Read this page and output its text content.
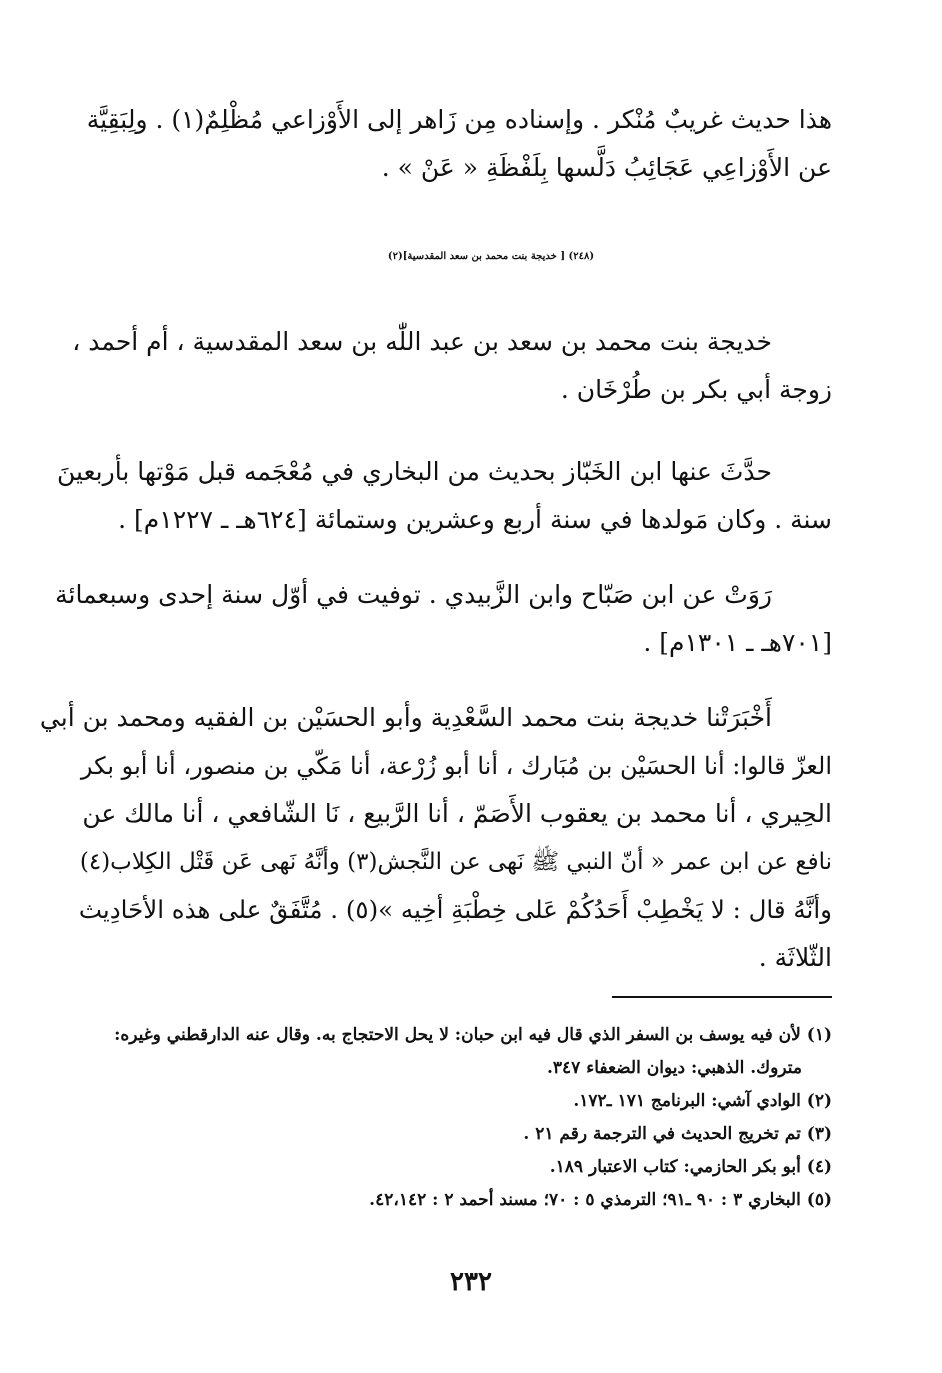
هذا حديث غريبٌ مُنْكر . وإسناده مِن زَاهر إلى الأَوْزاعي مُظْلِمٌ(١) . ولِبَقِيَّة
عن الأَوْزاعِي عَجَائِبُ دَلَّسها بِلَفْظَةِ « عَنْ » .
(٢٤٨) [ خديجة بنت محمد بن سعد المقدسية](٢)
خديجة بنت محمد بن سعد بن عبد اللّٰه بن سعد المقدسية ، أم أحمد ،
زوجة أبي بكر بن طُرْخَان .
حدَّثَ عنها ابن الخَبّاز بحديث من البخاري في مُعْجَمه قبل مَوْتها بأربعينَ
سنة . وكان مَولدها في سنة أربع وعشرين وستمائة [٦٢٤هـ ـ ١٢٢٧م] .
رَوَتْ عن ابن صَبّاح وابن الزَّبيدي . توفيت في أوّل سنة إحدى وسبعمائة
[٧٠١هـ ـ ١٣٠١م] .
أَخْبَرَتْنا خديجة بنت محمد السَّعْدِية وأبو الحسَيْن بن الفقيه ومحمد بن أبي
العزّ قالوا: أنا الحسَيْن بن مُبَارك ، أنا أبو زُرْعة، أنا مَكّي بن منصور، أنا أبو بكر
الحِيري ، أنا محمد بن يعقوب الأَصَمّ ، أنا الرَّبيع ، نَا الشّافعي ، أنا مالك عن
نافع عن ابن عمر « أنّ النبي ﷺ نَهى عن النَّجش(٣) وأنَّهُ نَهى عَن قَتْل الكِلاب(٤)
وأنَّهُ قال : لا يَخْطِبْ أَحَدُكُمْ عَلى خِطْبَةِ أخِيه »(٥) . مُتَّفَقٌ على هذه الأحَادِيث
الثّلاثَة .
(١) لأن فيه يوسف بن السفر الذي قال فيه ابن حبان: لا يحل الاحتجاج به. وقال عنه الدارقطني وغيره:
متروك. الذهبي: ديوان الضعفاء ٣٤٧.
(٢) الوادي آشي: البرنامج ١٧١ ـ١٧٢.
(٣) تم تخريج الحديث في الترجمة رقم ٢١ .
(٤) أبو بكر الحازمي: كتاب الاعتبار ١٨٩.
(٥) البخاري ٣ : ٩٠ ـ٩١؛ الترمذي ٥ : ٧٠؛ مسند أحمد ٢ : ٤٢،١٤٢.
٢٣٢
